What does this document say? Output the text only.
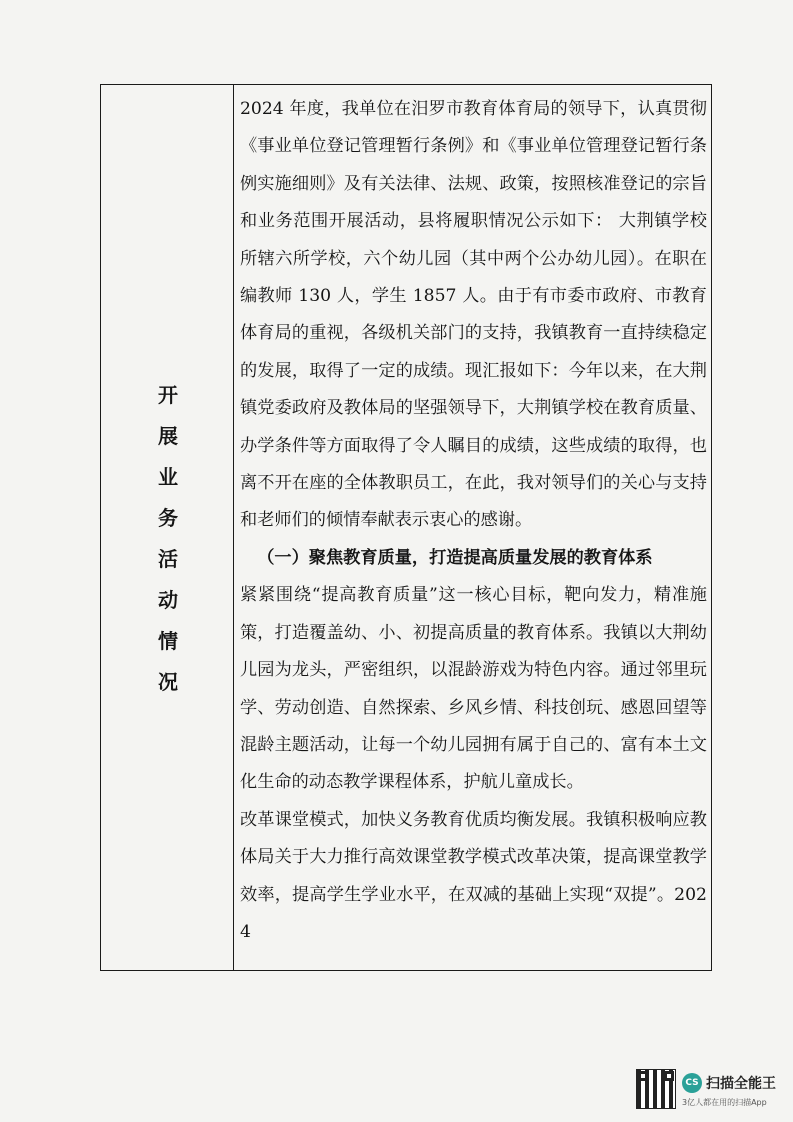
开展业务活动情况

2024 年度，我单位在汨罗市教育体育局的领导下，认真贯彻《事业单位登记管理暂行条例》和《事业单位管理登记暂行条例实施细则》及有关法律、法规、政策，按照核准登记的宗旨和业务范围开展活动，县将履职情况公示如下： 大荆镇学校所辖六所学校，六个幼儿园（其中两个公办幼儿园）。在职在编教师 130 人，学生 1857 人。由于有市委市政府、市教育体育局的重视，各级机关部门的支持，我镇教育一直持续稳定的发展，取得了一定的成绩。现汇报如下：今年以来，在大荆镇党委政府及教体局的坚强领导下，大荆镇学校在教育质量、办学条件等方面取得了令人瞩目的成绩，这些成绩的取得，也离不开在座的全体教职员工，在此，我对领导们的关心与支持和老师们的倾情奉献表示衷心的感谢。

（一）聚焦教育质量，打造提高质量发展的教育体系

紧紧围绕“提高教育质量”这一核心目标，靶向发力，精准施策，打造覆盖幼、小、初提高质量的教育体系。我镇以大荆幼儿园为龙头，严密组织，以混龄游戏为特色内容。通过邻里玩学、劳动创造、自然探索、乡风乡情、科技创玩、感恩回望等混龄主题活动，让每一个幼儿园拥有属于自己的、富有本土文化生命的动态教学课程体系，护航儿童成长。

改革课堂模式，加快义务教育优质均衡发展。我镇积极响应教体局关于大力推行高效课堂教学模式改革决策，提高课堂教学效率，提高学生学业水平，在双减的基础上实现“双提”。2024

CS 扫描全能王
3亿人都在用的扫描App
